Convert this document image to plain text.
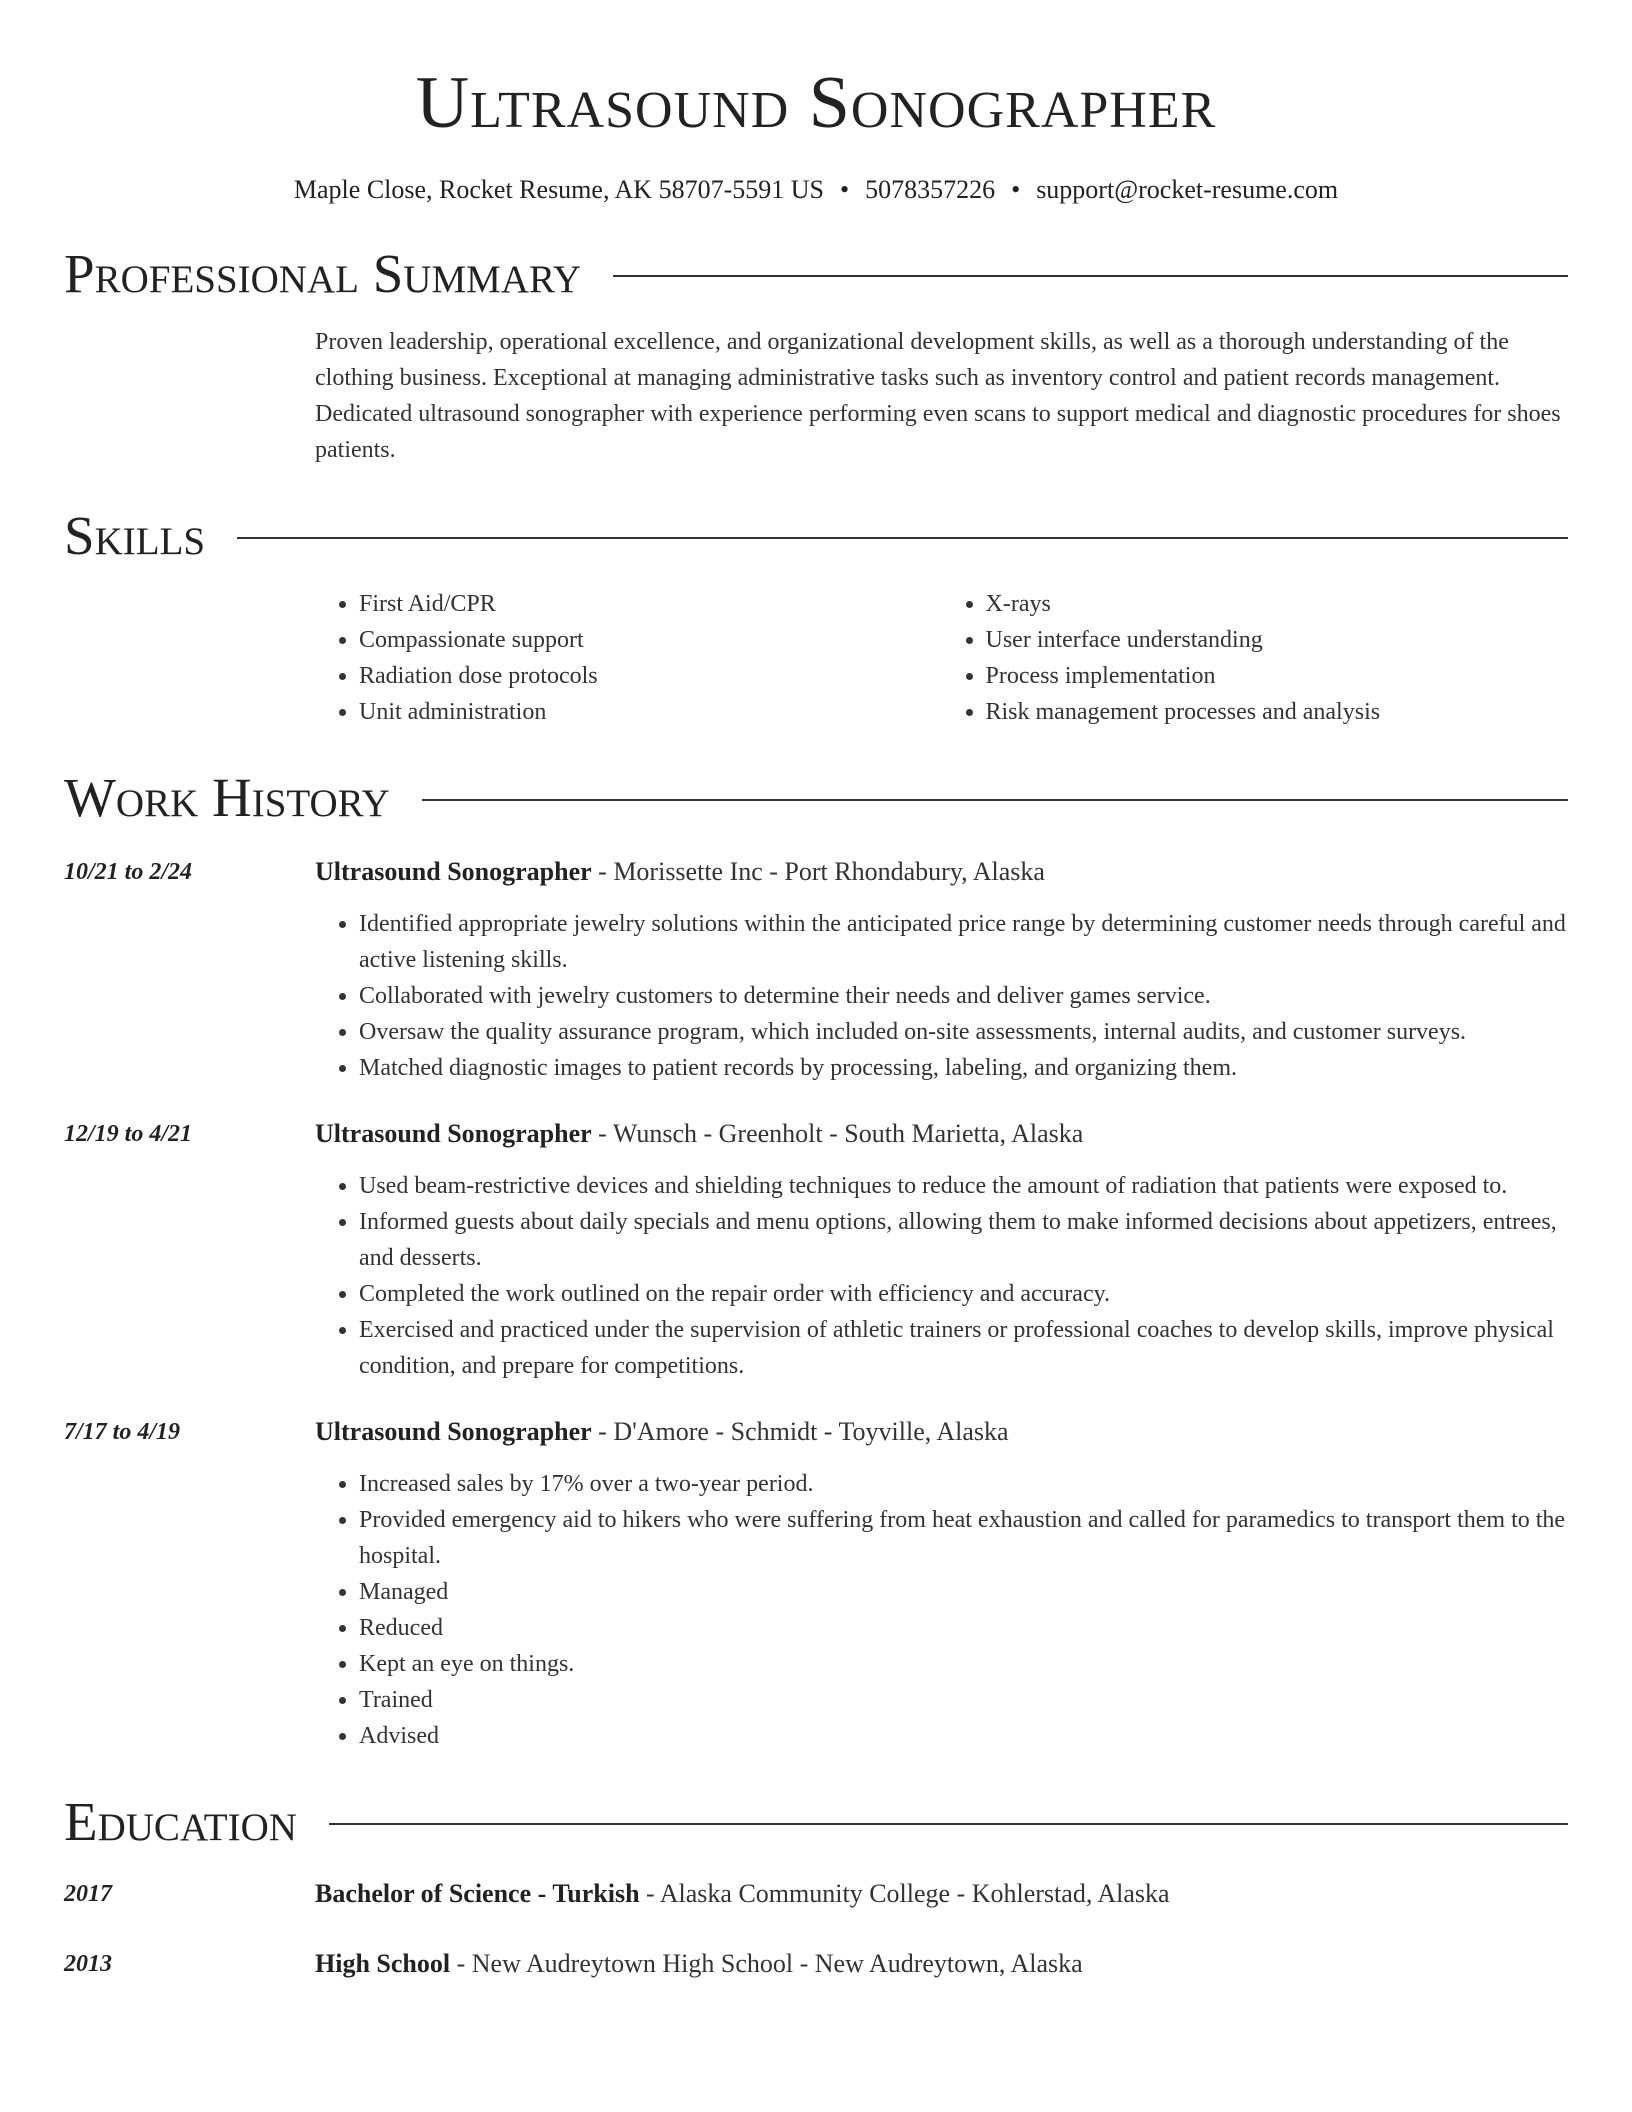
Ultrasound Sonographer
Maple Close, Rocket Resume, AK 58707-5591 US • 5078357226 • support@rocket-resume.com
Professional Summary
Proven leadership, operational excellence, and organizational development skills, as well as a thorough understanding of the clothing business. Exceptional at managing administrative tasks such as inventory control and patient records management. Dedicated ultrasound sonographer with experience performing even scans to support medical and diagnostic procedures for shoes patients.
Skills
• First Aid/CPR
• Compassionate support
• Radiation dose protocols
• Unit administration
• X-rays
• User interface understanding
• Process implementation
• Risk management processes and analysis
Work History
10/21 to 2/24	Ultrasound Sonographer - Morissette Inc - Port Rhondabury, Alaska
• Identified appropriate jewelry solutions within the anticipated price range by determining customer needs through careful and active listening skills.
• Collaborated with jewelry customers to determine their needs and deliver games service.
• Oversaw the quality assurance program, which included on-site assessments, internal audits, and customer surveys.
• Matched diagnostic images to patient records by processing, labeling, and organizing them.
12/19 to 4/21	Ultrasound Sonographer - Wunsch - Greenholt - South Marietta, Alaska
• Used beam-restrictive devices and shielding techniques to reduce the amount of radiation that patients were exposed to.
• Informed guests about daily specials and menu options, allowing them to make informed decisions about appetizers, entrees, and desserts.
• Completed the work outlined on the repair order with efficiency and accuracy.
• Exercised and practiced under the supervision of athletic trainers or professional coaches to develop skills, improve physical condition, and prepare for competitions.
7/17 to 4/19	Ultrasound Sonographer - D'Amore - Schmidt - Toyville, Alaska
• Increased sales by 17% over a two-year period.
• Provided emergency aid to hikers who were suffering from heat exhaustion and called for paramedics to transport them to the hospital.
• Managed
• Reduced
• Kept an eye on things.
• Trained
• Advised
Education
2017	Bachelor of Science - Turkish - Alaska Community College - Kohlerstad, Alaska
2013	High School - New Audreytown High School - New Audreytown, Alaska
